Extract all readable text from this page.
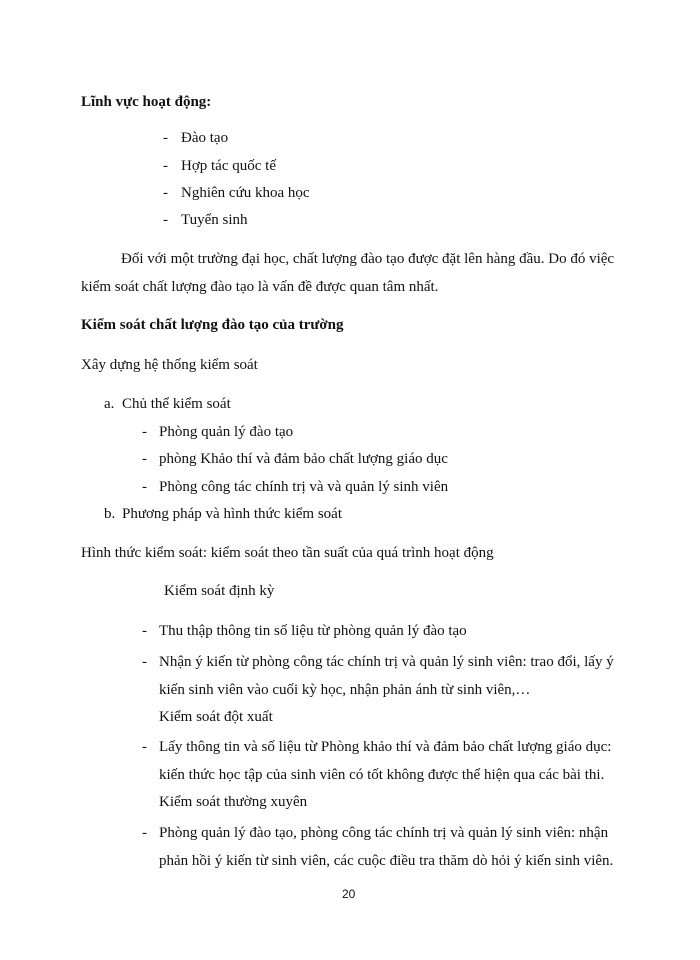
Lĩnh vực hoạt động:
- Đào tạo
- Hợp tác quốc tế
- Nghiên cứu khoa học
- Tuyển sinh
Đối với một trường đại học, chất lượng đào tạo được đặt lên hàng đầu. Do đó việc
kiểm soát chất lượng đào tạo là vấn đề được quan tâm nhất.
Kiểm soát chất lượng đào tạo của trường
Xây dựng hệ thống kiểm soát
a. Chủ thể kiểm soát
- Phòng quản lý đào tạo
- phòng Khảo thí và đảm bảo chất lượng giáo dục
- Phòng công tác chính trị và và quản lý sinh viên
b. Phương pháp và hình thức kiểm soát
Hình thức kiểm soát: kiểm soát theo tần suất của quá trình hoạt động
Kiểm soát định kỳ
- Thu thập thông tin số liệu từ phòng quản lý đào tạo
- Nhận ý kiến từ phòng công tác chính trị và quản lý sinh viên: trao đổi, lấy ý
kiến sinh viên vào cuối kỳ học, nhận phản ánh từ sinh viên,…
Kiểm soát đột xuất
- Lấy thông tin và số liệu từ Phòng khảo thí và đảm bảo chất lượng giáo dục:
kiến thức học tập của sinh viên có tốt không được thể hiện qua các bài thi.
Kiểm soát thường xuyên
- Phòng quản lý đào tạo, phòng công tác chính trị và quản lý sinh viên: nhận
phản hồi ý kiến từ sinh viên, các cuộc điều tra thăm dò hỏi ý kiến sinh viên.
20
